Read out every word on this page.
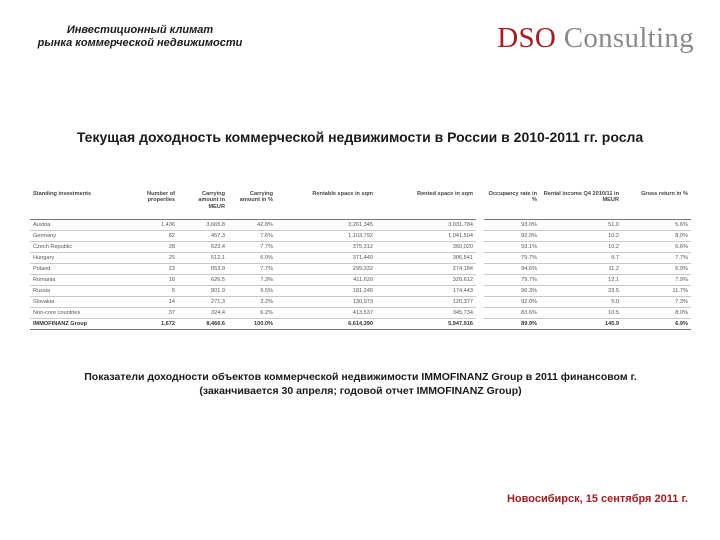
Инвестиционный климат
рынка коммерческой недвижимости	DSO Consulting
Текущая доходность коммерческой недвижимости в России в 2010-2011 гг. росла
Standing investments	Number of properties	Carrying amount in MEUR	Carrying amount in %	Rentable space in sqm	Rented space in sqm		Occupancy rate in %	Rental income Q4 2010/11 in MEUR	Gross return in %
Austria	1,436	3,665.8	42.8%	3,261,345	3,031,784		93.0%	51.0	5.6%
Germany	82	457.3	7.6%	1,103,792	1,041,504		92.9%	10.2	8.0%
Czech Republic	28	623.4	7.7%	375,312	360,020		93.1%	10.2	6.6%
Hungary	25	512.1	6.0%	371,440	306,541		79.7%	9.7	7.7%
Poland	23	653.9	7.7%	299,332	274,184		94.6%	11.2	6.9%
Romania	16	626.5	7.3%	411,620	329,612		79.7%	12.1	7.9%
Russia	5	801.9	9.5%	181,245	174,443		96.3%	23.5	11.7%
Slovakia	14	271.3	3.2%	130,973	120,377		92.0%	5.0	7.3%
Non-core countries	37	324.4	6.2%	413,537	345,734		83.6%	10.5	8.0%
IMMOFINANZ Group	1,672	8,466.6	100.0%	6,614,390	5,947,916		89.9%	145.9	6.9%
Показатели доходности объектов коммерческой недвижимости IMMOFINANZ Group в 2011 финансовом г.
(заканчивается 30 апреля; годовой отчет IMMOFINANZ Group)
Новосибирск, 15 сентября 2011 г.
